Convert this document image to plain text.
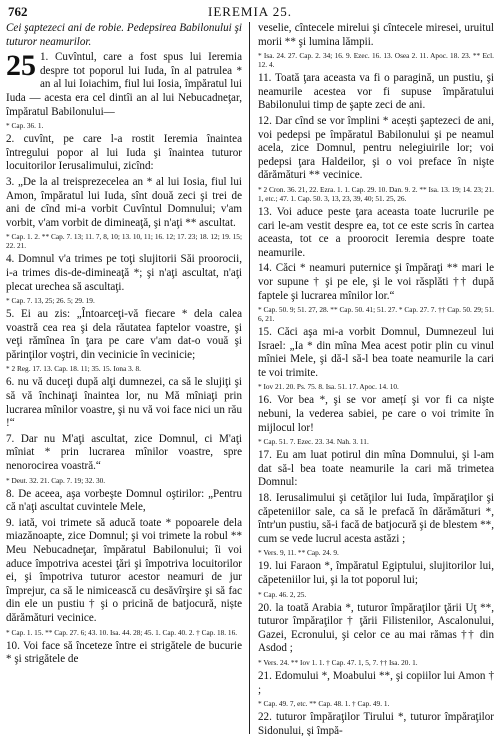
762	IEREMIA 25.

Cei şaptezeci ani de robie. Pedepsirea Babilonului şi tuturor neamurilor.

25 1. Cuvîntul, care a fost spus lui Ieremia despre tot poporul lui Iuda, în al patrulea * an al lui Ioiachim, fiul lui Iosia, împăratul lui Iuda — acesta era cel dintîi an al lui Nebucadneţar, împăratul Babilonului—

* Cap. 36. 1.

2. cuvînt, pe care l-a rostit Ieremia înaintea întregului popor al lui Iuda şi înaintea tuturor locuitorilor Ierusalimului, zicînd:

3. „De la al treisprezecelea an * al lui Iosia, fiul lui Amon, împăratul lui Iuda, sînt două zeci şi trei de ani de cînd mi-a vorbit Cuvîntul Domnului; v'am vorbit, v'am vorbit de dimineaţă, şi n'aţi ** ascultat.

* Cap. 1. 2. ** Cap. 7. 13; 11. 7, 8, 10; 13. 10, 11; 16. 12; 17. 23; 18. 12; 19. 15; 22. 21.

4. Domnul v'a trimes pe toţi slujitorii Săi proorocii, i-a trimes dis-de-dimineaţă *; şi n'aţi ascultat, n'aţi plecat urechea să ascultaţi.

* Cap. 7. 13, 25; 26. 5; 29. 19.

5. Ei au zis: „Întoarceţi-vă fiecare * dela calea voastră cea rea şi dela răutatea faptelor voastre, şi veţi rămînea în ţara pe care v'am dat-o vouă şi părinţilor voştri, din vecinicie în vecinicie;

* 2 Reg. 17. 13. Cap. 18. 11; 35. 15. Iona 3. 8.

6. nu vă duceţi după alţi dumnezei, ca să le slujiţi şi să vă închinaţi înaintea lor, nu Mă mîniaţi prin lucrarea mînilor voastre, şi nu vă voi face nici un rău !“

7. Dar nu M'aţi ascultat, zice Domnul, ci M'aţi mîniat * prin lucrarea mînilor voastre, spre nenorocirea voastră.“

* Deut. 32. 21. Cap. 7. 19; 32. 30.

8. De aceea, aşa vorbeşte Domnul oştirilor: „Pentru că n'aţi ascultat cuvintele Mele,

9. iată, voi trimete să aducă toate * popoarele dela miazănoapte, zice Domnul; şi voi trimete la robul ** Meu Nebucadneţar, împăratul Babilonului; îi voi aduce împotriva acestei ţări şi împotriva locuitorilor ei, şi împotriva tuturor acestor neamuri de jur împrejur, ca să le nimicească cu desăvîrşire şi să fac din ele un pustiu † şi o pricină de batjocură, niște dărămături vecinice.

* Cap. 1. 15. ** Cap. 27. 6; 43. 10. Isa. 44. 28; 45. 1. Cap. 40. 2. † Cap. 18. 16.

10. Voi face să înceteze între ei strigătele de bucurie * şi strigătele de

veselie, cîntecele mirelui şi cîntecele miresei, uruitul morii ** şi lumina lămpii.

* Isa. 24. 27. Cap. 2. 34; 16. 9. Ezec. 16. 13. Osea 2. 11. Apoc. 18. 23. ** Ecl. 12. 4.

11. Toată ţara aceasta va fi o paragină, un pustiu, şi neamurile acestea vor fi supuse împăratului Babilonului timp de şapte zeci de ani.

12. Dar cînd se vor împlini * acești şaptezeci de ani, voi pedepsi pe împăratul Babilonului şi pe neamul acela, zice Domnul, pentru nelegiuirile lor; voi pedepsi ţara Haldeilor, şi o voi preface în nişte dărămături ** vecinice.

* 2 Cron. 36. 21, 22. Ezra. 1. 1. Cap. 29. 10. Dan. 9. 2. ** Isa. 13. 19; 14. 23; 21. 1, etc.; 47. 1. Cap. 50. 3, 13, 23, 39, 40; 51. 25, 26.

13. Voi aduce peste ţara aceasta toate lucrurile pe cari le-am vestit despre ea, tot ce este scris în cartea aceasta, tot ce a proorocit Ieremia despre toate neamurile.

14. Căci * neamuri puternice şi împăraţi ** mari le vor supune † şi pe ele, şi le voi răsplăti †† după faptele şi lucrarea mînilor lor.“

* Cap. 50. 9; 51. 27, 28. ** Cap. 50. 41; 51. 27. * Cap. 27. 7. †† Cap. 50. 29; 51. 6, 21.

15. Căci aşa mi-a vorbit Domnul, Dumnezeul lui Israel: „Ia * din mîna Mea acest potir plin cu vinul mîniei Mele, şi dă-l să-l bea toate neamurile la cari te voi trimite.

* Iov 21. 20. Ps. 75. 8. Isa. 51. 17. Apoc. 14. 10.

16. Vor bea *, şi se vor amețí şi vor fi ca nişte nebuni, la vederea sabiei, pe care o voi trimite în mijlocul lor!

* Cap. 51. 7. Ezec. 23. 34. Nah. 3. 11.

17. Eu am luat potirul din mîna Domnului, şi l-am dat să-l bea toate neamurile la cari mă trimetea Domnul:

18. Ierusalimului şi cetăţilor lui Iuda, împăraţilor şi căpeteniilor sale, ca să le prefacă în dărămături *, într'un pustiu, să-i facă de batjocură şi de blestem **, cum se vede lucrul acesta astăzi ;

* Vers. 9, 11. ** Cap. 24. 9.

19. lui Faraon *, împăratul Egiptului, slujitorilor lui, căpeteniilor lui, şi la tot poporul lui;

* Cap. 46. 2, 25.

20. la toată Arabia *, tuturor împăraţilor ţării Uţ **, tuturor împăraţilor † ţării Filistenilor, Ascalonului, Gazei, Ecronului, şi celor ce au mai rămas †† din Asdod ;

* Vers. 24. ** Iov 1. 1. † Cap. 47. 1, 5, 7. †† Isa. 20. 1.

21. Edomului *, Moabului **, şi copiilor lui Amon † ;

* Cap. 49. 7, etc. ** Cap. 48. 1. † Cap. 49. 1.

22. tuturor împăraţilor Tirului *, tuturor împăraţilor Sidonului, şi împă-
